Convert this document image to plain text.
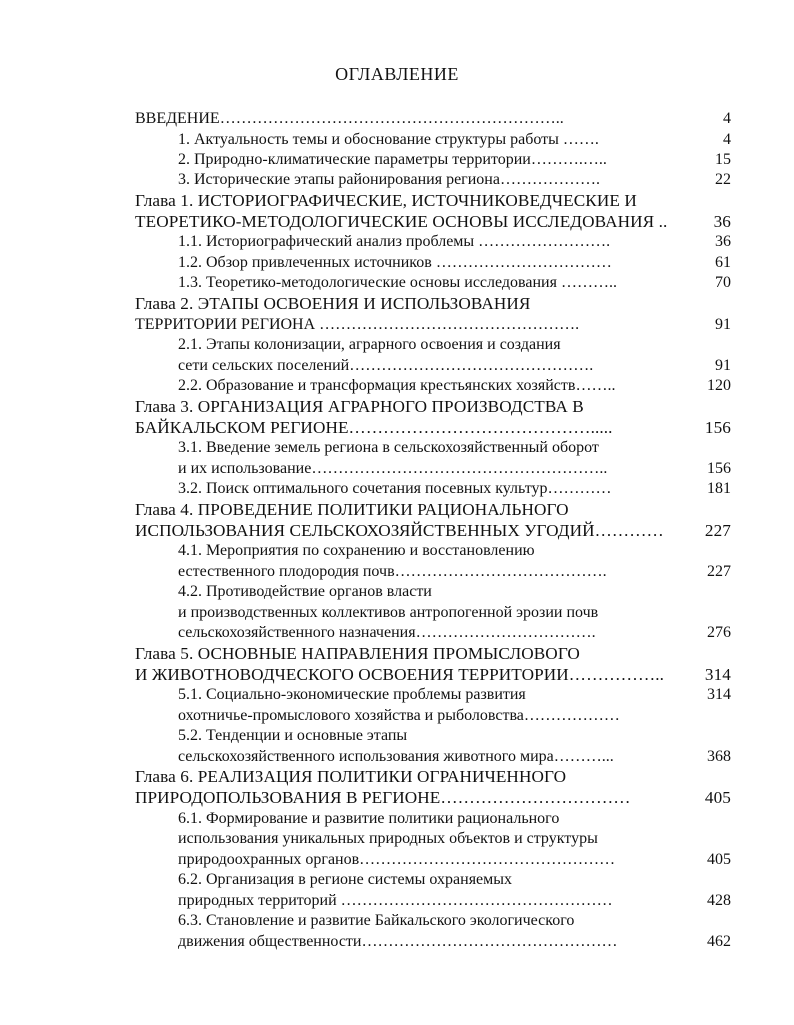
ОГЛАВЛЕНИЕ
ВВЕДЕНИЕ………………………………………………………..	4
1. Актуальность темы и обоснование структуры работы …….	4
2. Природно-климатические параметры территории……….…..	15
3. Исторические этапы районирования региона……………….	22
Глава 1. ИСТОРИОГРАФИЧЕСКИЕ, ИСТОЧНИКОВЕДЧЕСКИЕ И
ТЕОРЕТИКО-МЕТОДОЛОГИЧЕСКИЕ ОСНОВЫ ИССЛЕДОВАНИЯ ..	36
1.1. Историографический анализ проблемы …………………….	36
1.2. Обзор привлеченных источников ……………………………	61
1.3. Теоретико-методологические основы исследования ………..	70
Глава 2. ЭТАПЫ ОСВОЕНИЯ И ИСПОЛЬЗОВАНИЯ
ТЕРРИТОРИИ РЕГИОНА ………………………………………….	91
2.1. Этапы колонизации, аграрного освоения и создания
сети сельских поселений……………………………………….	91
2.2. Образование и трансформация крестьянских хозяйств……..	120
Глава 3. ОРГАНИЗАЦИЯ АГРАРНОГО ПРОИЗВОДСТВА В
БАЙКАЛЬСКОМ РЕГИОНЕ…………………………………….....	156
3.1. Введение земель региона в сельскохозяйственный оборот
и их использование………………………………………………..	156
3.2. Поиск оптимального сочетания посевных культур…………	181
Глава 4. ПРОВЕДЕНИЕ ПОЛИТИКИ РАЦИОНАЛЬНОГО
ИСПОЛЬЗОВАНИЯ СЕЛЬСКОХОЗЯЙСТВЕННЫХ УГОДИЙ………… 227
4.1. Мероприятия по сохранению и восстановлению
естественного плодородия почв………………………………….	227
4.2. Противодействие органов власти
и производственных коллективов антропогенной эрозии почв
сельскохозяйственного назначения…………………………….	276
Глава 5. ОСНОВНЫЕ НАПРАВЛЕНИЯ ПРОМЫСЛОВОГО
И ЖИВОТНОВОДЧЕСКОГО ОСВОЕНИЯ ТЕРРИТОРИИ…………….. 314
5.1. Социально-экономические проблемы развития	314
охотничье-промыслового хозяйства и рыболовства………………
5.2. Тенденции и основные этапы
сельскохозяйственного использования животного мира………...	368
Глава 6. РЕАЛИЗАЦИЯ ПОЛИТИКИ ОГРАНИЧЕННОГО
ПРИРОДОПОЛЬЗОВАНИЯ В РЕГИОНЕ……………………………	405
6.1. Формирование и развитие политики рационального
использования уникальных природных объектов и структуры
природоохранных органов…………………………………………	405
6.2. Организация в регионе системы охраняемых
природных территорий ……………………………………………	428
6.3. Становление и развитие Байкальского экологического
движения общественности…………………………………………	462
